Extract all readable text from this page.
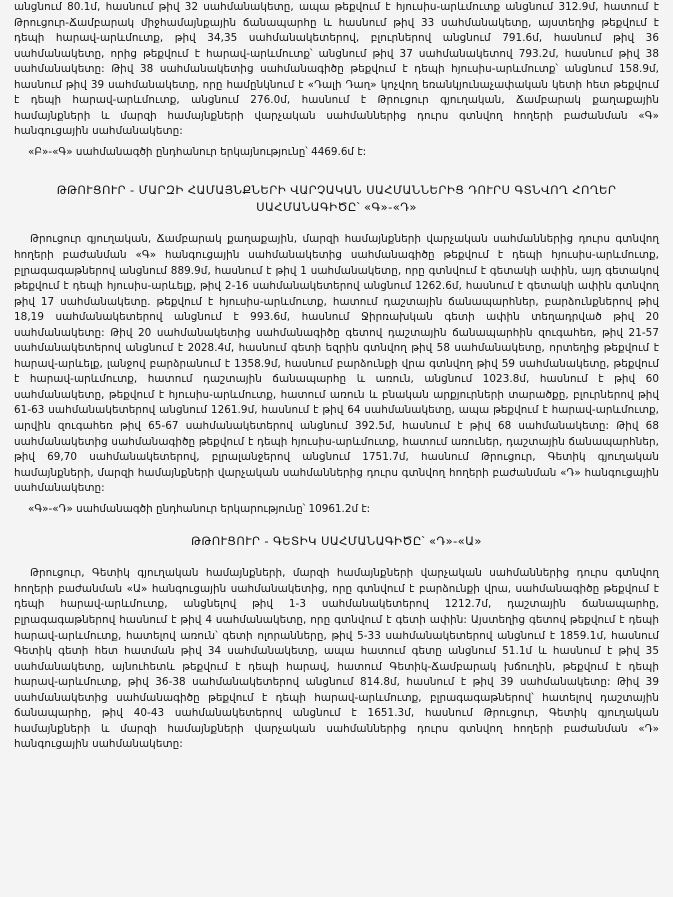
անցնում 80.1մ, հասնում թիվ 32 սահմանակետը, ապա թեքվում է հյուսիս-արևմուտք անցնում 312.9մ, հատում է Թրուցուր-Ճամբարակ միջհամայնքային ճանապարհը և հասնում թիվ 33 սահմանակետը, այստեղից թեքվում է դեպի հարավ-արևմուտք, թիվ 34,35 սահմանակետերով, բլուրներով անցնում 791.6մ, հասնում թիվ 36 սահմանակետը, որից թեքվում է հարավ-արևմուտք՝ անցնում թիվ 37 սահմանակետով 793.2մ, հասնում թիվ 38 սահմանակետը: Թիվ 38 սահմանակետից սահմանագիծը թեքվում է դեպի հյուսիս-արևմուտք՝ անցնում 158.9մ, հասնում թիվ 39 սահմանակետը, որը համընկնում է «Դալի Դաղ» կոչվող եռանկյունաչափական կետի հետ թեքվում է դեպի հարավ-արևմուտք, անցնում 276.0մ, հասնում է Թրուցուր գյուղական, Ճամբարակ քաղաքային համայնքների և մարզի համայնքների վարչական սահմաններից դուրս գտնվող հողերի բաժանման «Գ» հանգուցային սահմանակետը:

«Բ»-«Գ» սահմանագծի ընդհանուր երկայնությունը՝ 4469.6մ է:

ԹԹՈՒՑՈՒՐ - ՄԱՐԶԻ ՀԱՄԱՅՆՔՆԵՐԻ ՎԱՐՉԱԿԱՆ ՍԱՀՄԱՆՆԵՐԻՑ ԴՈՒՐՍ ԳՏՆՎՈՂ ՀՈՂԵՐ
ՍԱՀՄԱՆԱԳԻԾԸ՝ «Գ»-«Դ»

Թրուցուր գյուղական, Ճամբարակ քաղաքային, մարզի համայնքների վարչական սահմաններից դուրս գտնվող հողերի բաժանման «Գ» հանգուցային սահմանակետից սահմանագիծը թեքվում է դեպի հյուսիս-արևմուտք, բլրագագաթներով անցնում 889.9մ, հասնում է թիվ 1 սահմանակետը, որը գտնվում է գետակի ափին, այդ գետակով թեքվում է դեպի հյուսիս-արևելք, թիվ 2-16 սահմանակետերով անցնում 1262.6մ, հասնում է գետակի ափին գտնվող թիվ 17 սահմանակետը. թեքվում է հյուսիս-արևմուտք, հատում դաշտային ճանապարհներ, բարձունքներով թիվ 18,19 սահմանակետերով անցնում է 993.6մ, հասնում Ջիրռախկան գետի ափին տեղադրված թիվ 20 սահմանակետը: Թիվ 20 սահմանակետից սահմանագիծը գետով դաշտային ճանապարհին զուգահեռ, թիվ 21-57 սահմանակետերով անցնում է 2028.4մ, հասնում գետի եզրին գտնվող թիվ 58 սահմանակետը, որտեղից թեքվում է հարավ-արևելք, լանջով բարձրանում է 1358.9մ, հասնում բարձունքի վրա գտնվող թիվ 59 սահմանակետը, թեքվում է հարավ-արևմուտք, հատում դաշտային ճանապարհը և առուն, անցնում 1023.8մ, հասնում է թիվ 60 սահմանակետը, թեքվում է հյուսիս-արևմուտք, հատում առուն և բնական արքյուրների տարածքը, բլուրներով թիվ 61-63 սահմանակետերով անցնում 1261.9մ, հասնում է թիվ 64 սահմանակետը, ապա թեքվում է հարավ-արևմուտք, արվին զուգահեռ թիվ 65-67 սահմանակետերով անցնում 392.5մ, հասնում է թիվ 68 սահմանակետը: Թիվ 68 սահմանակետից սահմանագիծը թեքվում է դեպի հյուսիս-արևմուտք, հատում առուներ, դաշտային ճանապարհներ, թիվ 69,70 սահմանակետերով, բլրալանջերով անցնում 1751.7մ, հասնում Թրուցուր, Գետիկ գյուղական համայնքների, մարզի համայնքների վարչական սահմաններից դուրս գտնվող հողերի բաժանման «Դ» հանգուցային սահմանակետը:

«Գ»-«Դ» սահմանագծի ընդհանուր երկարությունը՝ 10961.2մ է:

ԹԹՈՒՑՈՒՐ - ԳԵՏԻԿ ՍԱՀՄԱՆԱԳԻԾԸ՝ «Դ»-«Ա»

Թրուցուր, Գետիկ գյուղական համայնքների, մարզի համայնքների վարչական սահմաններից դուրս գտնվող հողերի բաժանման «Ա» հանգուցային սահմանակետից, որը գտնվում է բարձունքի վրա, սահմանագիծը թեքվում է դեպի հարավ-արևմուտք, անցնելով թիվ 1-3 սահմանակետերով 1212.7մ, դաշտային ճանապարհը, բլրագագաթներով հասնում է թիվ 4 սահմանակետը, որը գտնվում է գետի ափին: Այստեղից գետով թեքվում է դեպի հարավ-արևմուտք, հատելով առուն՝ գետի ոլորանները, թիվ 5-33 սահմանակետերով անցնում է 1859.1մ, հասնում Գետիկ գետի հետ հատման թիվ 34 սահմանակետը, ապա հատում գետը անցնում 51.1մ և հասնում է թիվ 35 սահմանակետը, այնուհետև թեքվում է դեպի հարավ, հատում Գետիկ-Ճամբարակ խճուղին, թեքվում է դեպի հարավ-արևմուտք, թիվ 36-38 սահմանակետերով անցնում 814.8մ, հասնում է թիվ 39 սահմանակետը: Թիվ 39 սահմանակետից սահմանագիծը թեքվում է դեպի հարավ-արևմուտք, բլրագագաթներով՝ հատելով դաշտային ճանապարհը, թիվ 40-43 սահմանակետերով անցնում է 1651.3մ, հասնում Թրուցուր, Գետիկ գյուղական համայնքների և մարզի համայնքների վարչական սահմաններից դուրս գտնվող հողերի բաժանման «Դ» հանգուցային սահմանակետը:
